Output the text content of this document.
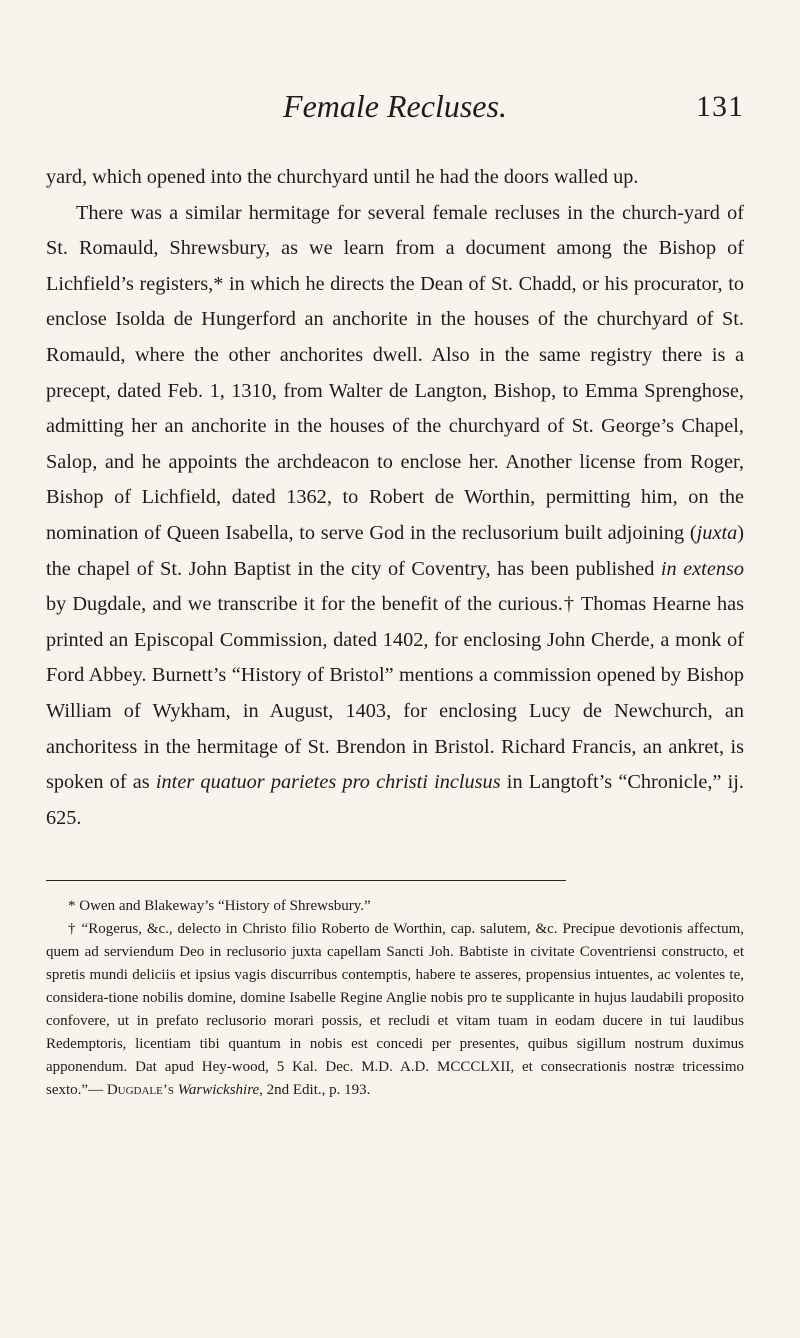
Female Recluses.	131

yard, which opened into the churchyard until he had the doors walled up.

There was a similar hermitage for several female recluses in the church-yard of St. Romauld, Shrewsbury, as we learn from a document among the Bishop of Lichfield’s registers,* in which he directs the Dean of St. Chadd, or his procurator, to enclose Isolda de Hungerford an anchorite in the houses of the churchyard of St. Romauld, where the other anchorites dwell. Also in the same registry there is a precept, dated Feb. 1, 1310, from Walter de Langton, Bishop, to Emma Sprenghose, admitting her an anchorite in the houses of the churchyard of St. George’s Chapel, Salop, and he appoints the archdeacon to enclose her. Another license from Roger, Bishop of Lichfield, dated 1362, to Robert de Worthin, permitting him, on the nomination of Queen Isabella, to serve God in the reclusorium built adjoining (juxta) the chapel of St. John Baptist in the city of Coventry, has been published in extenso by Dugdale, and we transcribe it for the benefit of the curious.† Thomas Hearne has printed an Episcopal Commission, dated 1402, for enclosing John Cherde, a monk of Ford Abbey. Burnett’s “History of Bristol” mentions a commission opened by Bishop William of Wykham, in August, 1403, for enclosing Lucy de Newchurch, an anchoritess in the hermitage of St. Brendon in Bristol. Richard Francis, an ankret, is spoken of as inter quatuor parietes pro christi inclusus in Langtoft’s “Chronicle,” ij. 625.

* Owen and Blakeway’s “History of Shrewsbury.”

† “Rogerus, &c., delecto in Christo filio Roberto de Worthin, cap. salutem, &c. Precipue devotionis affectum, quem ad serviendum Deo in reclusorio juxta capellam Sancti Joh. Babtiste in civitate Coventriensi constructo, et spretis mundi deliciis et ipsius vagis discurribus contemptis, habere te asseres, propensius intuentes, ac volentes te, considera-tione nobilis domine, domine Isabelle Regine Anglie nobis pro te supplicante in hujus laudabili proposito confovere, ut in prefato reclusorio morari possis, et recludi et vitam tuam in eodam ducere in tui laudibus Redemptoris, licentiam tibi quantum in nobis est concedi per presentes, quibus sigillum nostrum duximus apponendum. Dat apud Hey-wood, 5 Kal. Dec. M.D. A.D. MCCCLXII, et consecrationis nostræ tricessimo sexto.”— Dugdale’s Warwickshire, 2nd Edit., p. 193.
